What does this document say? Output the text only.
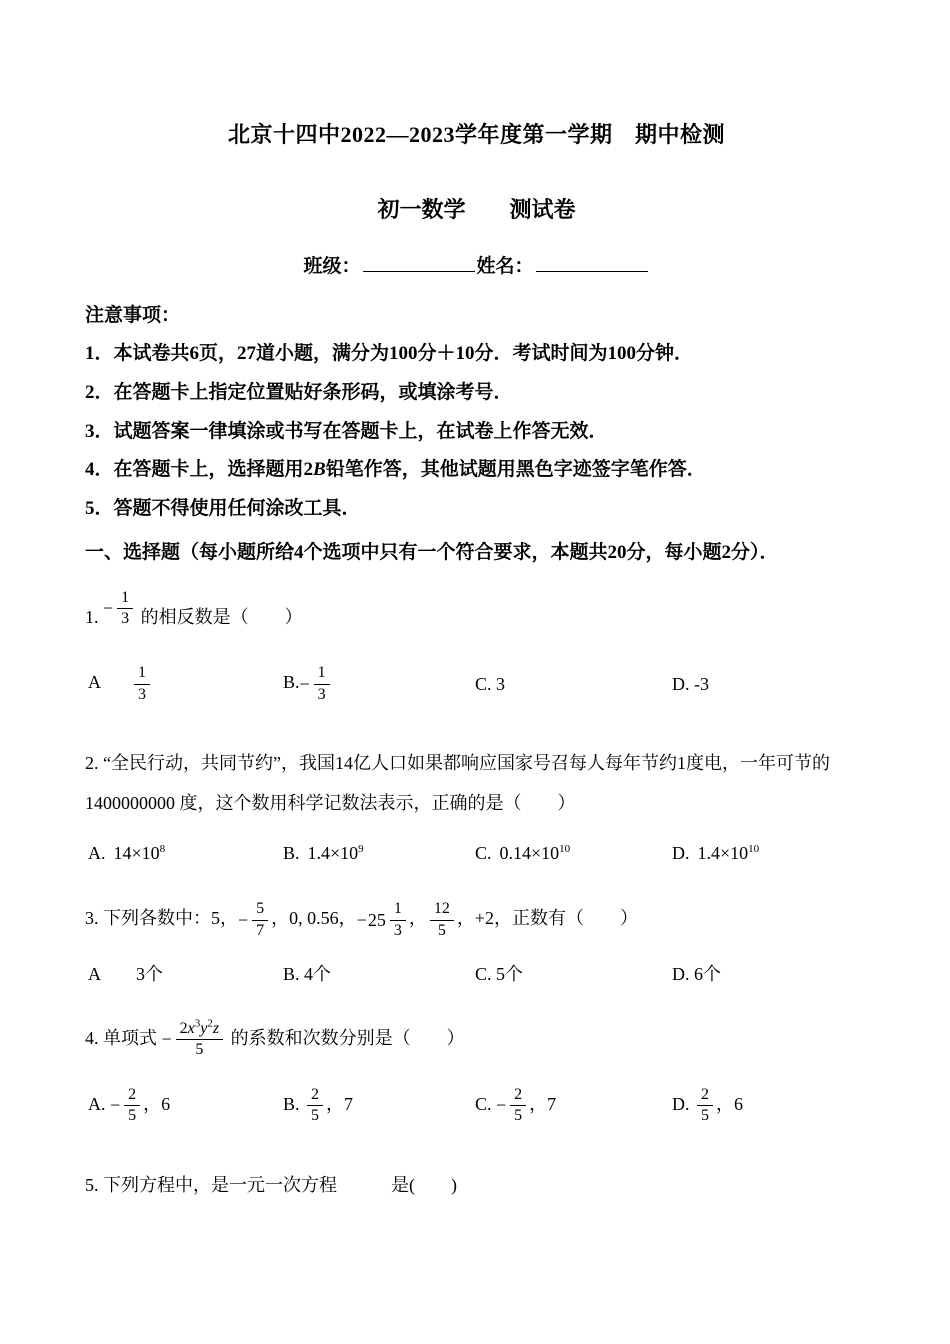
北京十四中2022—2023学年度第一学期　期中检测
初一数学　　测试卷
班级：	姓名：
注意事项：
1．本试卷共6页，27道小题，满分为100分＋10分．考试时间为100分钟．
2．在答题卡上指定位置贴好条形码，或填涂考号．
3．试题答案一律填涂或书写在答题卡上，在试卷上作答无效．
4．在答题卡上，选择题用2B铅笔作答，其他试题用黑色字迹签字笔作答．
5．答题不得使用任何涂改工具．
一、选择题（每小题所给4个选项中只有一个符合要求，本题共20分，每小题2分）．
1. − $\frac{1}{3}$ 的相反数是（　　）
A $\frac{1}{3}$	$B.- \frac{1}{3}$	C. 3	D. -3
2. “全民行动，共同节约”，我国14亿人口如果都响应国家号召每人每年节约1度电，一年可节的
1400000000 度，这个数用科学记数法表示，正确的是（　　）
A. $14\times 10^8$	B. $1.4\times 10^9$	C. $0.14\times 10^{10}$	D. $1.4\times 10^{10}$
3. 下列各数中：5，− $\frac{5}{7}$ ，0, 0.56，$-25 \frac{1}{3}$ ， $\frac{12}{5}$ ，+2，正数有（　　）
A　　3个	B. 4个	C. 5个	D. 6个
4. 单项式 − $\frac{2x^3y^2z}{5}$ 的系数和次数分别是（　　）
A. − $\frac{2}{5}$ ，6	B. $\frac{2}{5}$ ，7	C. − $\frac{2}{5}$ ，7	D. $\frac{2}{5}$ ，6
5. 下列方程中，是一元一次方程　　　是(　　)
